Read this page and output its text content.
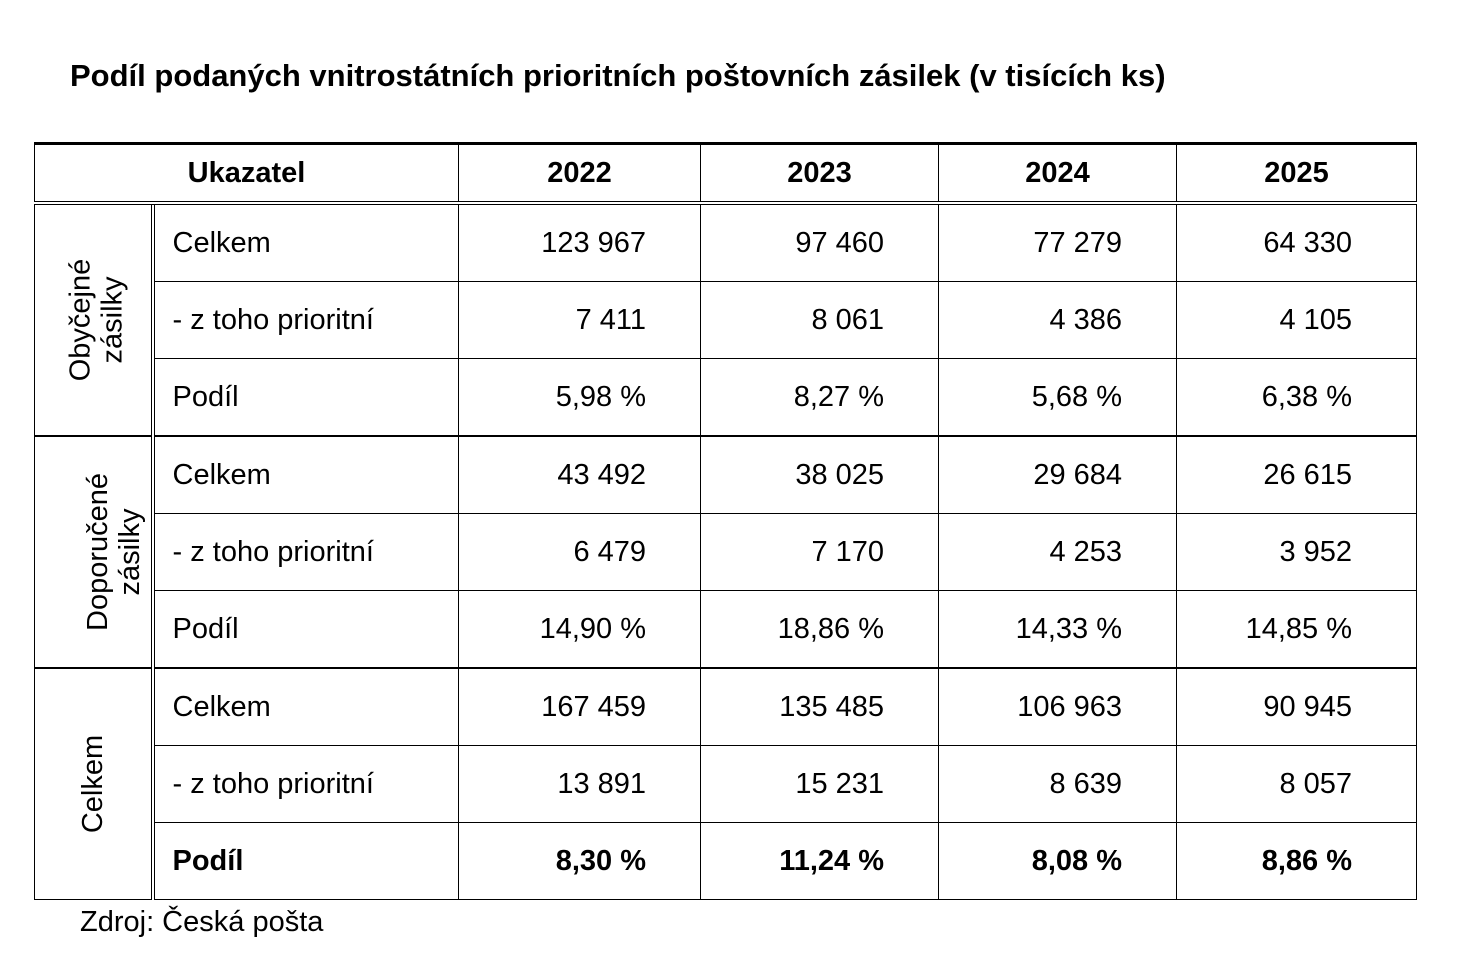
Podíl podaných vnitrostátních prioritních poštovních zásilek (v tisících ks)
Ukazatel		2022	2023	2024	2025
Obyčejné
zásilky	Celkem	123 967	97 460	77 279	64 330
	- z toho prioritní	7 411	8 061	4 386	4 105
	Podíl	5,98 %	8,27 %	5,68 %	6,38 %
Doporučené
zásilky	Celkem	43 492	38 025	29 684	26 615
	- z toho prioritní	6 479	7 170	4 253	3 952
	Podíl	14,90 %	18,86 %	14,33 %	14,85 %
Celkem	Celkem	167 459	135 485	106 963	90 945
	- z toho prioritní	13 891	15 231	8 639	8 057
	Podíl	8,30 %	11,24 %	8,08 %	8,86 %

Zdroj: Česká pošta
